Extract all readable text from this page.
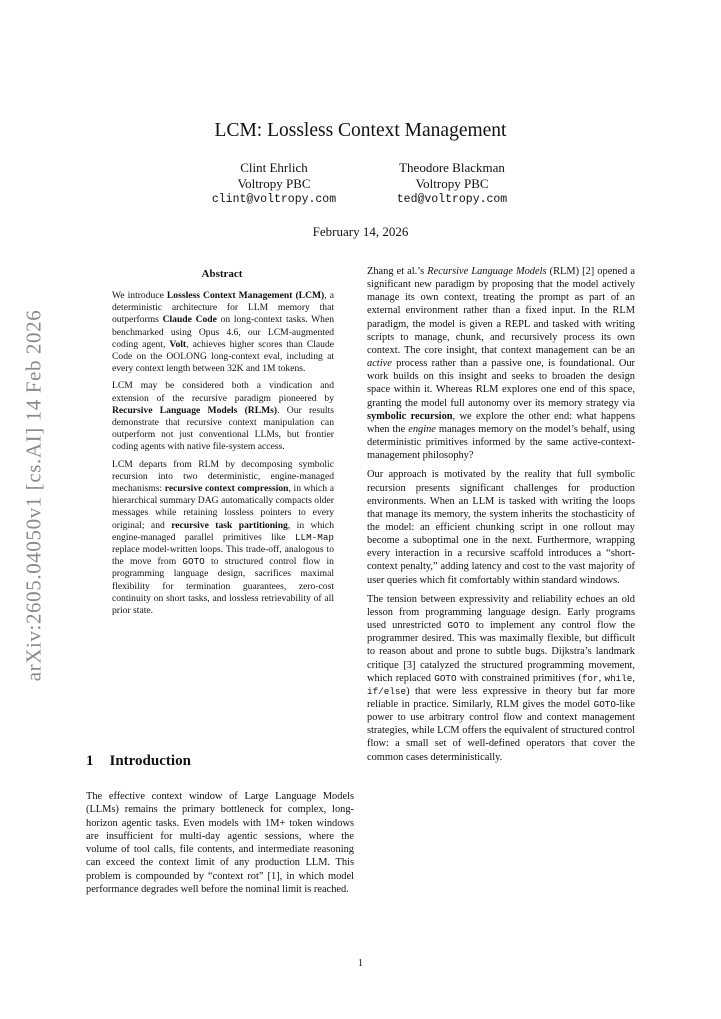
arXiv:2605.04050v1 [cs.AI] 14 Feb 2026
LCM: Lossless Context Management
Clint Ehrlich
Voltropy PBC
clint@voltropy.com
Theodore Blackman
Voltropy PBC
ted@voltropy.com
February 14, 2026
Abstract

We introduce Lossless Context Management (LCM), a deterministic architecture for LLM memory that outperforms Claude Code on long-context tasks. When benchmarked using Opus 4.6, our LCM-augmented coding agent, Volt, achieves higher scores than Claude Code on the OOLONG long-context eval, including at every context length between 32K and 1M tokens.

LCM may be considered both a vindication and extension of the recursive paradigm pioneered by Recursive Language Models (RLMs). Our results demonstrate that recursive context manipulation can outperform not just conventional LLMs, but frontier coding agents with native file-system access.

LCM departs from RLM by decomposing symbolic recursion into two deterministic, engine-managed mechanisms: recursive context compression, in which a hierarchical summary DAG automatically compacts older messages while retaining lossless pointers to every original; and recursive task partitioning, in which engine-managed parallel primitives like LLM-Map replace model-written loops. This trade-off, analogous to the move from GOTO to structured control flow in programming language design, sacrifices maximal flexibility for termination guarantees, zero-cost continuity on short tasks, and lossless retrievability of all prior state.

1 Introduction

The effective context window of Large Language Models (LLMs) remains the primary bottleneck for complex, long-horizon agentic tasks. Even models with 1M+ token windows are insufficient for multi-day agentic sessions, where the volume of tool calls, file contents, and intermediate reasoning can exceed the context limit of any production LLM. This problem is compounded by “context rot” [1], in which model performance degrades well before the nominal limit is reached.

Zhang et al.’s Recursive Language Models (RLM) [2] opened a significant new paradigm by proposing that the model actively manage its own context, treating the prompt as part of an external environment rather than a fixed input. In the RLM paradigm, the model is given a REPL and tasked with writing scripts to manage, chunk, and recursively process its own context. The core insight, that context management can be an active process rather than a passive one, is foundational. Our work builds on this insight and seeks to broaden the design space within it. Whereas RLM explores one end of this space, granting the model full autonomy over its memory strategy via symbolic recursion, we explore the other end: what happens when the engine manages memory on the model’s behalf, using deterministic primitives informed by the same active-context-management philosophy?

Our approach is motivated by the reality that full symbolic recursion presents significant challenges for production environments. When an LLM is tasked with writing the loops that manage its memory, the system inherits the stochasticity of the model: an efficient chunking script in one rollout may become a suboptimal one in the next. Furthermore, wrapping every interaction in a recursive scaffold introduces a “short-context penalty,” adding latency and cost to the vast majority of user queries which fit comfortably within standard windows.

The tension between expressivity and reliability echoes an old lesson from programming language design. Early programs used unrestricted GOTO to implement any control flow the programmer desired. This was maximally flexible, but difficult to reason about and prone to subtle bugs. Dijkstra’s landmark critique [3] catalyzed the structured programming movement, which replaced GOTO with constrained primitives (for, while, if/else) that were less expressive in theory but far more reliable in practice. Similarly, RLM gives the model GOTO-like power to use arbitrary control flow and context management strategies, while LCM offers the equivalent of structured control flow: a small set of well-defined operators that cover the common cases deterministically.

1
